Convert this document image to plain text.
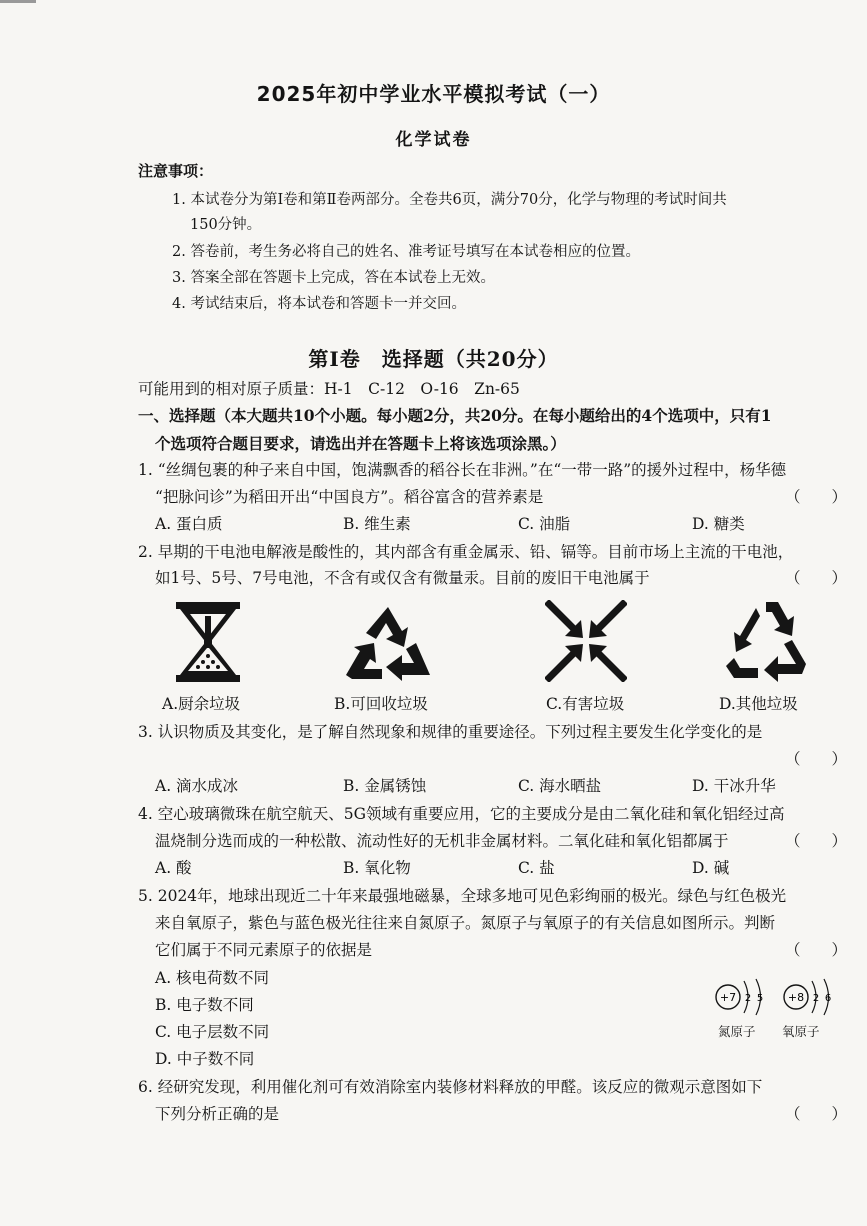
2025年初中学业水平模拟考试（一）
化学试卷
注意事项：
1. 本试卷分为第Ⅰ卷和第Ⅱ卷两部分。全卷共6页，满分70分，化学与物理的考试时间共
150分钟。
2. 答卷前，考生务必将自己的姓名、准考证号填写在本试卷相应的位置。
3. 答案全部在答题卡上完成，答在本试卷上无效。
4. 考试结束后，将本试卷和答题卡一并交回。
第Ⅰ卷　选择题（共20分）
可能用到的相对原子质量：H-1　C-12　O-16　Zn-65
一、选择题（本大题共10个小题。每小题2分，共20分。在每小题给出的4个选项中，只有1
个选项符合题目要求，请选出并在答题卡上将该选项涂黑。）
1. “丝绸包裹的种子来自中国，饱满飘香的稻谷长在非洲。”在“一带一路”的援外过程中，杨华德
“把脉问诊”为稻田开出“中国良方”。稻谷富含的营养素是	（　　）
A. 蛋白质	B. 维生素	C. 油脂	D. 糖类
2. 早期的干电池电解液是酸性的，其内部含有重金属汞、铅、镉等。目前市场上主流的干电池，
如1号、5号、7号电池，不含有或仅含有微量汞。目前的废旧干电池属于	（　　）
A.厨余垃圾	B.可回收垃圾	C.有害垃圾	D.其他垃圾
3. 认识物质及其变化，是了解自然现象和规律的重要途径。下列过程主要发生化学变化的是
（　　）
A. 滴水成冰	B. 金属锈蚀	C. 海水晒盐	D. 干冰升华
4. 空心玻璃微珠在航空航天、5G领域有重要应用，它的主要成分是由二氧化硅和氧化铝经过高
温烧制分选而成的一种松散、流动性好的无机非金属材料。二氧化硅和氧化铝都属于	（　　）
A. 酸	B. 氧化物	C. 盐	D. 碱
5. 2024年，地球出现近二十年来最强地磁暴，全球多地可见色彩绚丽的极光。绿色与红色极光
来自氧原子，紫色与蓝色极光往往来自氮原子。氮原子与氧原子的有关信息如图所示。判断
它们属于不同元素原子的依据是	（　　）
A. 核电荷数不同
B. 电子数不同
C. 电子层数不同
D. 中子数不同
+7 2 5 +8 2 6
氮原子 氧原子
6. 经研究发现，利用催化剂可有效消除室内装修材料释放的甲醛。该反应的微观示意图如下
下列分析正确的是	（　　）
